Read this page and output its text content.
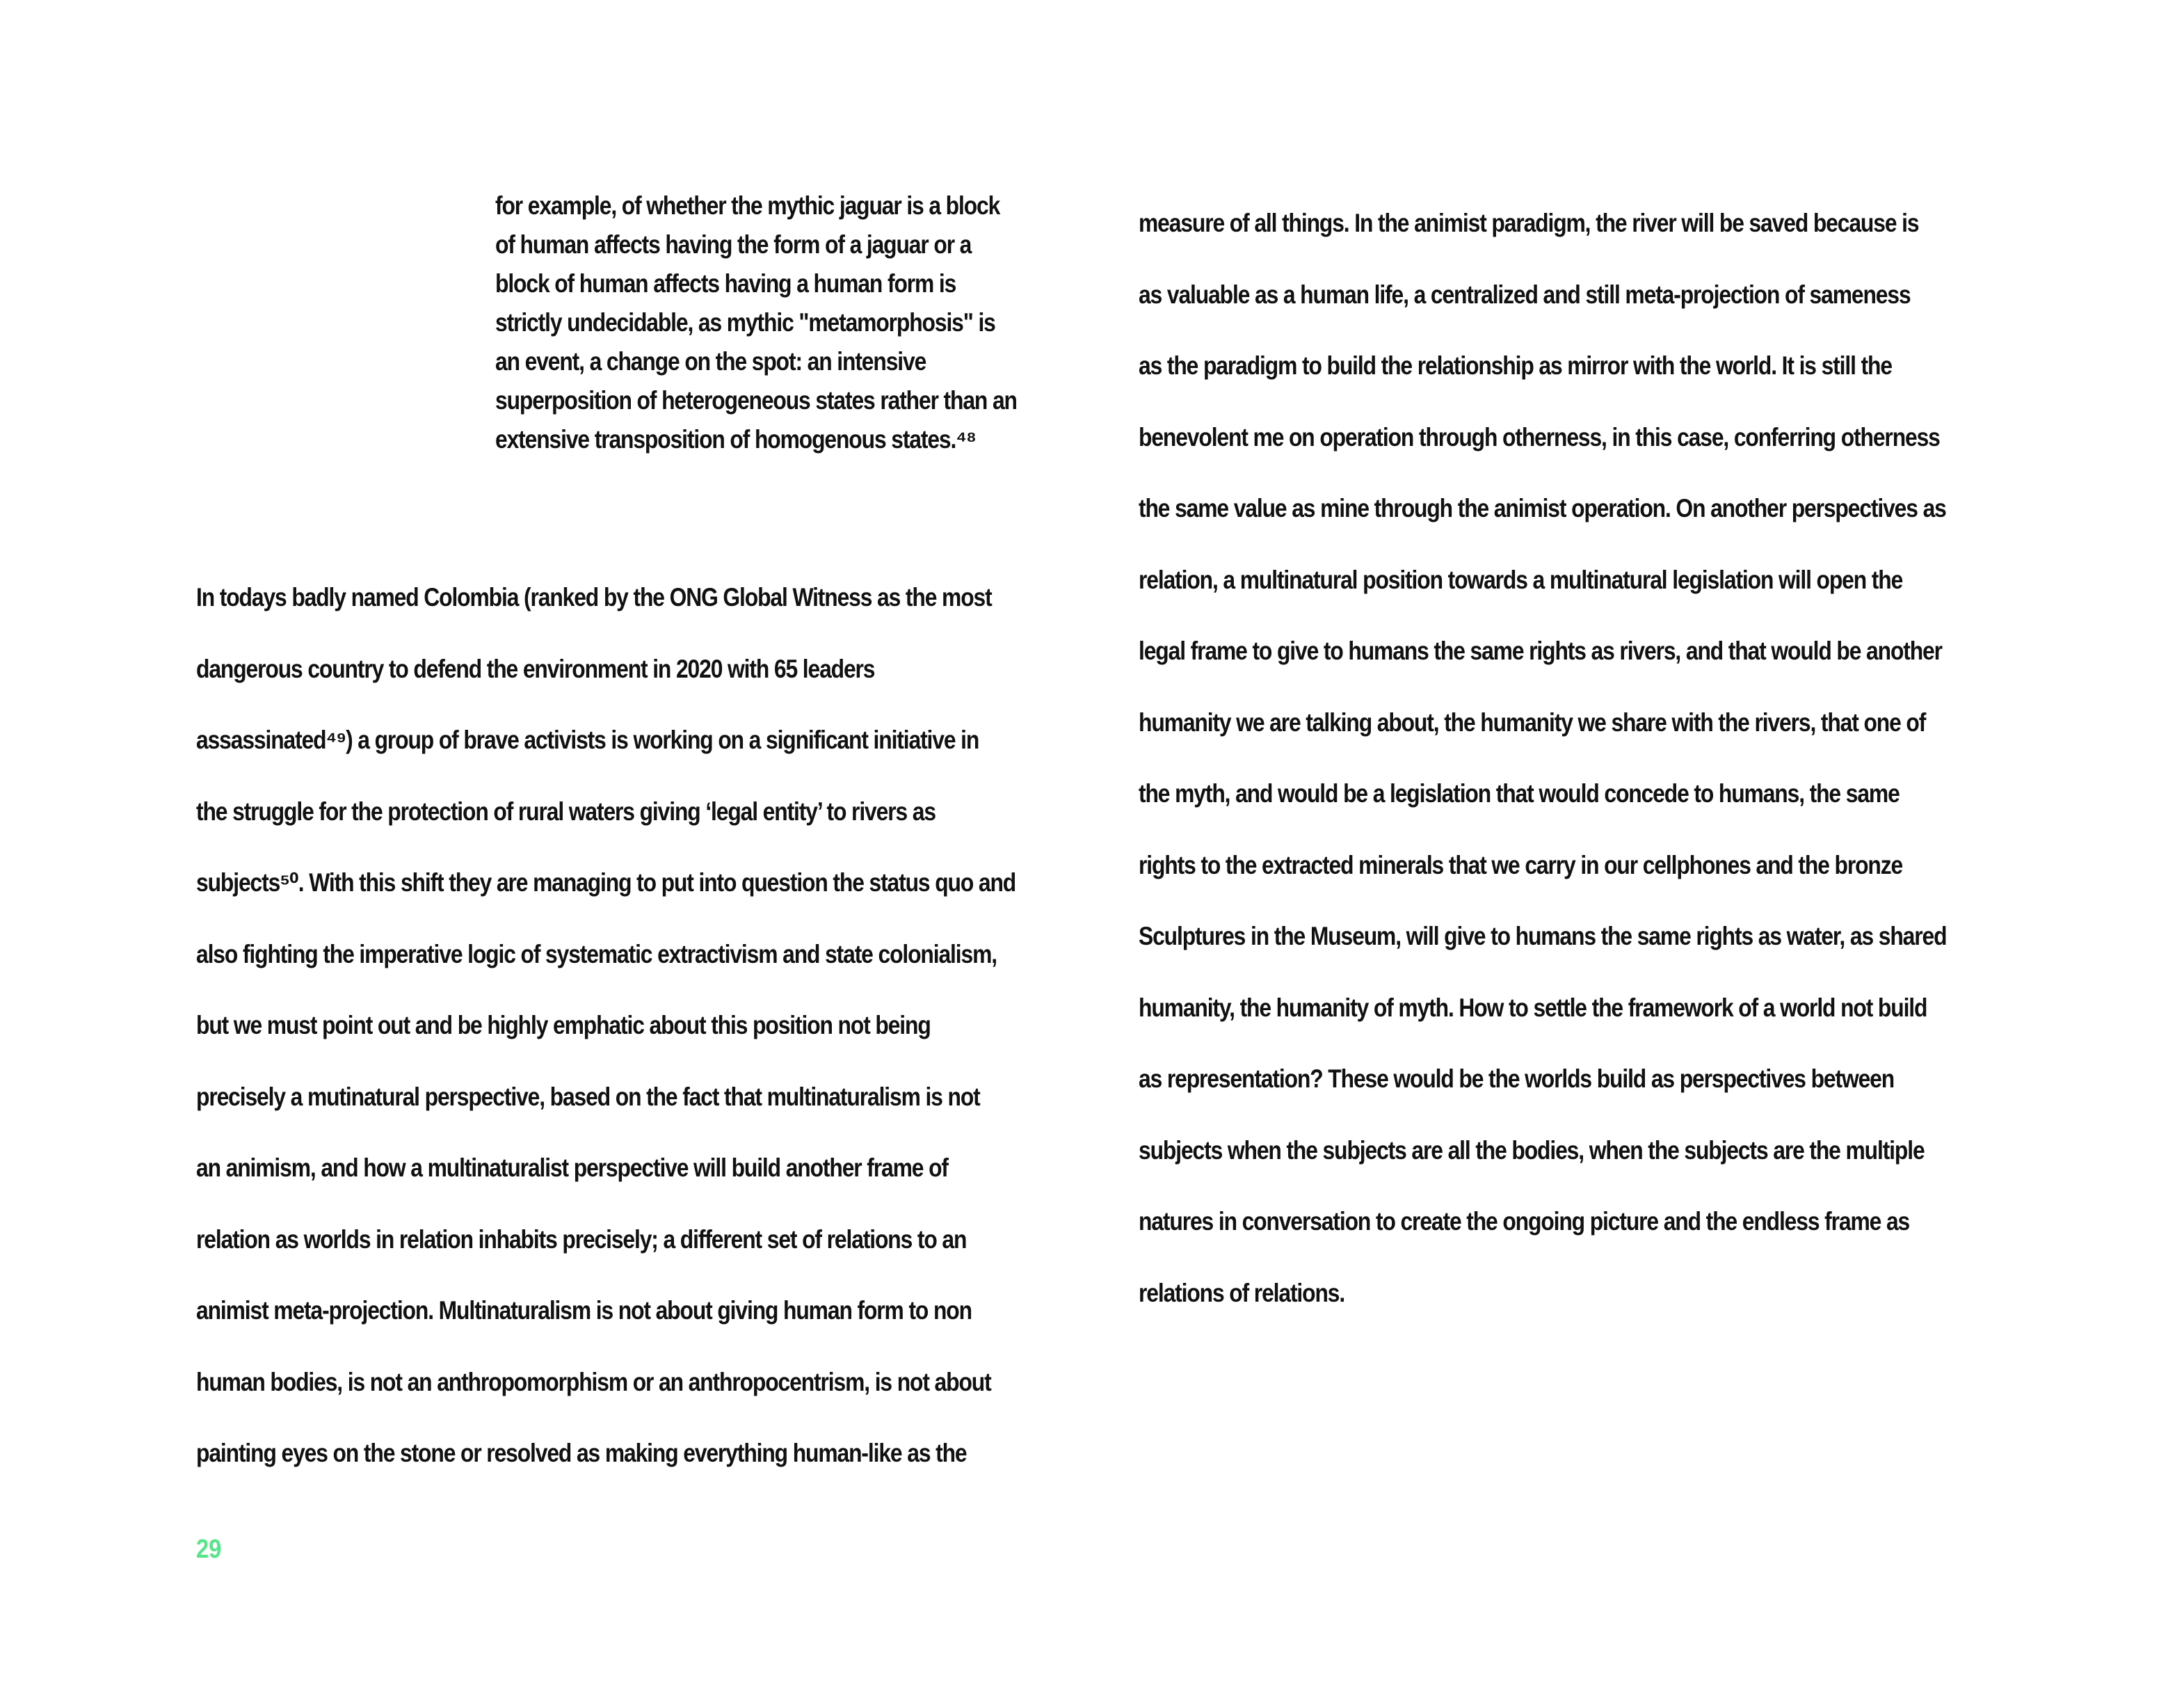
for example, of whether the mythic jaguar is a block
of human affects having the form of a jaguar or a
block of human affects having a human form is
strictly undecidable, as mythic "metamorphosis" is
an event, a change on the spot: an intensive
superposition of heterogeneous states rather than an
extensive transposition of homogenous states.⁴⁸
In todays badly named Colombia (ranked by the ONG Global Witness as the most
dangerous country to defend the environment in 2020 with 65 leaders
assassinated⁴⁹) a group of brave activists is working on a significant initiative in
the struggle for the protection of rural waters giving ‘legal entity’ to rivers as
subjects⁵⁰. With this shift they are managing to put into question the status quo and
also fighting the imperative logic of systematic extractivism and state colonialism,
but we must point out and be highly emphatic about this position not being
precisely a mutinatural perspective, based on the fact that multinaturalism is not
an animism, and how a multinaturalist perspective will build another frame of
relation as worlds in relation inhabits precisely; a different set of relations to an
animist meta-projection. Multinaturalism is not about giving human form to non
human bodies, is not an anthropomorphism or an anthropocentrism, is not about
painting eyes on the stone or resolved as making everything human-like as the
measure of all things. In the animist paradigm, the river will be saved because is
as valuable as a human life, a centralized and still meta-projection of sameness
as the paradigm to build the relationship as mirror with the world. It is still the
benevolent me on operation through otherness, in this case, conferring otherness
the same value as mine through the animist operation. On another perspectives as
relation, a multinatural position towards a multinatural legislation will open the
legal frame to give to humans the same rights as rivers, and that would be another
humanity we are talking about, the humanity we share with the rivers, that one of
the myth, and would be a legislation that would concede to humans, the same
rights to the extracted minerals that we carry in our cellphones and the bronze
Sculptures in the Museum, will give to humans the same rights as water, as shared
humanity, the humanity of myth. How to settle the framework of a world not build
as representation? These would be the worlds build as perspectives between
subjects when the subjects are all the bodies, when the subjects are the multiple
natures in conversation to create the ongoing picture and the endless frame as
relations of relations.
29
